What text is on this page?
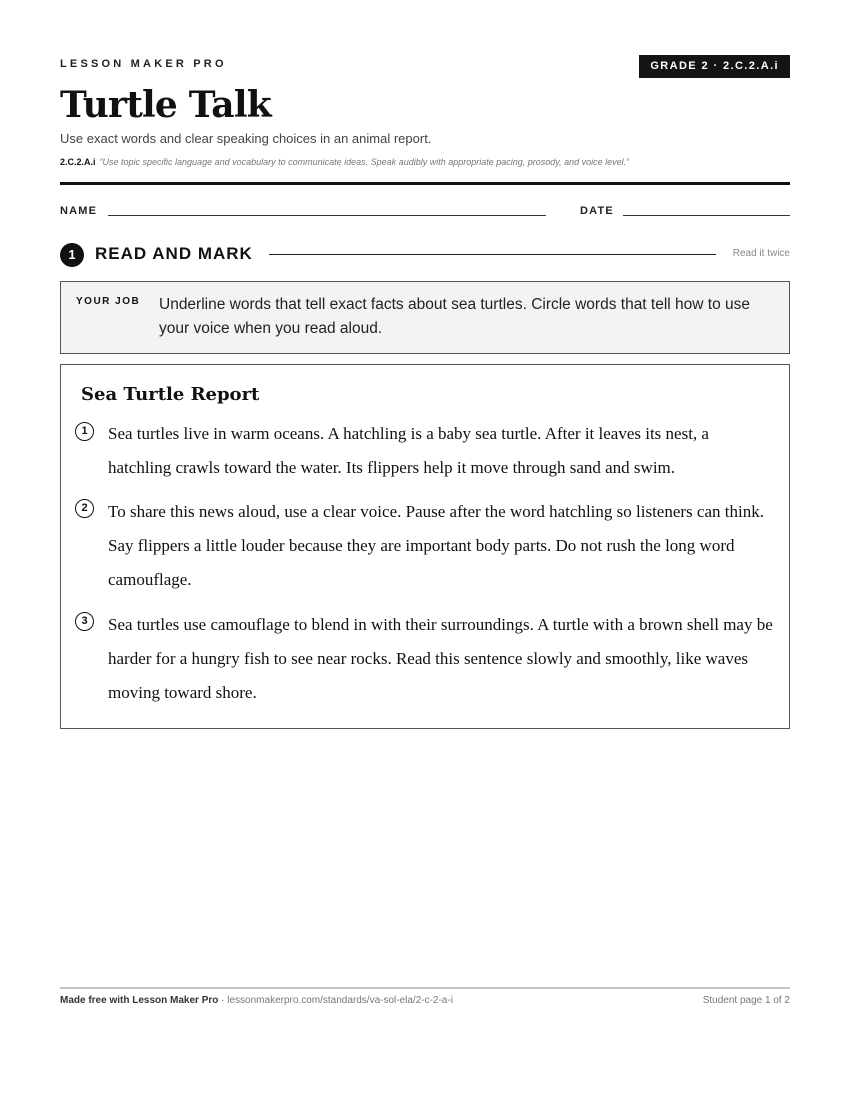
LESSON MAKER PRO	GRADE 2 · 2.C.2.A.i
Turtle Talk
Use exact words and clear speaking choices in an animal report.
2.C.2.A.i “Use topic specific language and vocabulary to communicate ideas. Speak audibly with appropriate pacing, prosody, and voice level.”
NAME	DATE
1	READ AND MARK	Read it twice
YOUR JOB Underline words that tell exact facts about sea turtles. Circle words that tell how to use your voice when you read aloud.
Sea Turtle Report
1	Sea turtles live in warm oceans. A hatchling is a baby sea turtle. After it leaves its nest, a hatchling crawls toward the water. Its flippers help it move through sand and swim.
2	To share this news aloud, use a clear voice. Pause after the word hatchling so listeners can think. Say flippers a little louder because they are important body parts. Do not rush the long word camouflage.
3	Sea turtles use camouflage to blend in with their surroundings. A turtle with a brown shell may be harder for a hungry fish to see near rocks. Read this sentence slowly and smoothly, like waves moving toward shore.
Made free with Lesson Maker Pro · lessonmakerpro.com/standards/va-sol-ela/2-c-2-a-i	Student page 1 of 2
